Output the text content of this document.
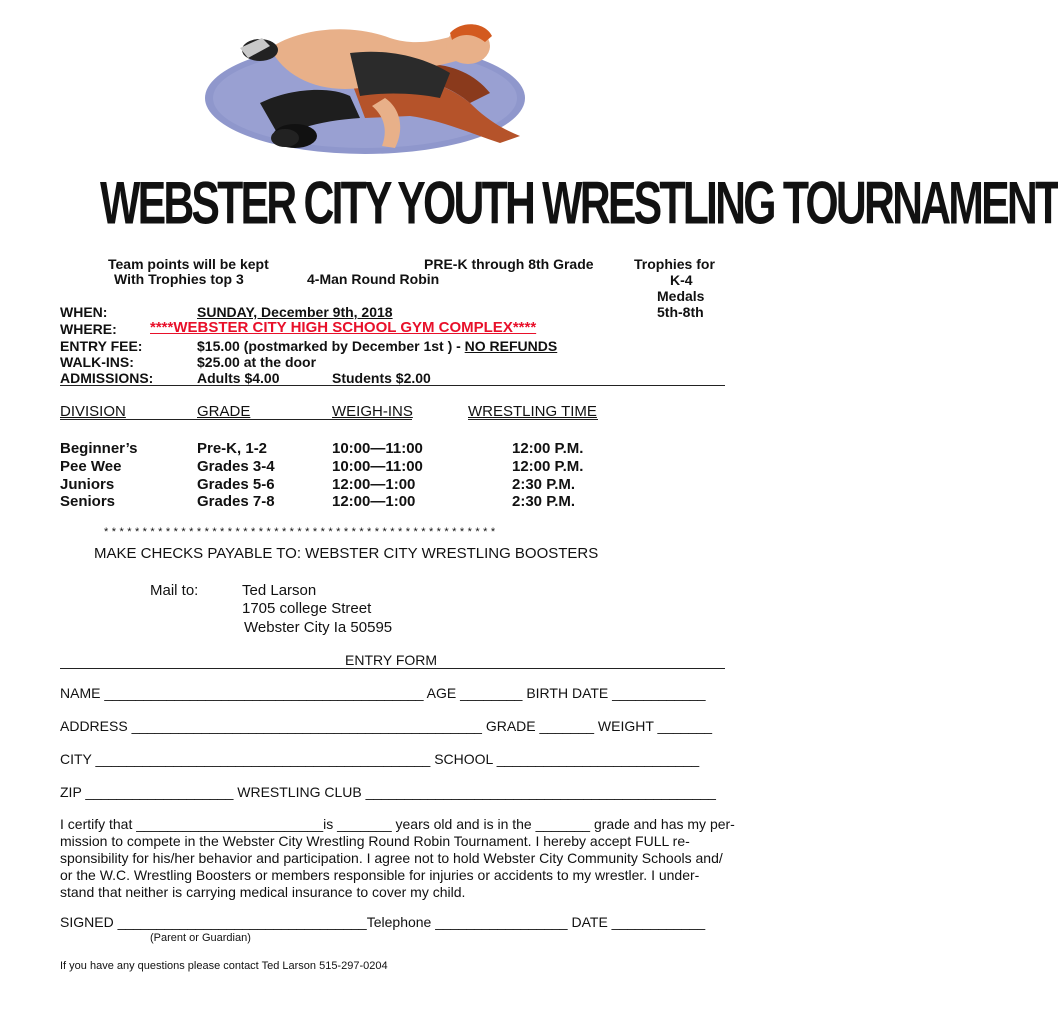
WEBSTER CITY YOUTH WRESTLING TOURNAMENT
Team points will be kept
With Trophies top 3
PRE-K through 8th Grade
4-Man Round Robin
Trophies for
K-4
Medals
5th-8th
WHEN:	SUNDAY, December 9th, 2018
WHERE: ****WEBSTER CITY HIGH SCHOOL GYM COMPLEX****
ENTRY FEE:	$15.00 (postmarked by December 1st ) - NO REFUNDS
WALK-INS:	$25.00 at the door
ADMISSIONS:	Adults $4.00	Students $2.00
DIVISION	GRADE	WEIGH-INS	WRESTLING TIME
Beginner’s	Pre-K, 1-2	10:00—11:00	12:00 P.M.
Pee Wee	Grades 3-4	10:00—11:00	12:00 P.M.
Juniors	Grades 5-6	12:00—1:00	2:30 P.M.
Seniors	Grades 7-8	12:00—1:00	2:30 P.M.
* * * * * * * * * * * * * * * * * * * * * * * * * * * * * * * * * * * * * * * * * * * * * * * * * * *
MAKE CHECKS PAYABLE TO: WEBSTER CITY WRESTLING BOOSTERS
Mail to:	Ted Larson
1705 college Street
Webster City Ia 50595
ENTRY FORM
NAME _________________________________________ AGE ________ BIRTH DATE ____________
ADDRESS _____________________________________________ GRADE _______ WEIGHT _______
CITY ___________________________________________ SCHOOL __________________________
ZIP ___________________ WRESTLING CLUB _____________________________________________
I certify that ________________________is _______ years old and is in the _______ grade and has my per-
mission to compete in the Webster City Wrestling Round Robin Tournament. I hereby accept FULL re-
sponsibility for his/her behavior and participation. I agree not to hold Webster City Community Schools and/
or the W.C. Wrestling Boosters or members responsible for injuries or accidents to my wrestler. I under-
stand that neither is carrying medical insurance to cover my child.
SIGNED ________________________________Telephone _________________ DATE ____________
(Parent or Guardian)
If you have any questions please contact Ted Larson 515-297-0204
